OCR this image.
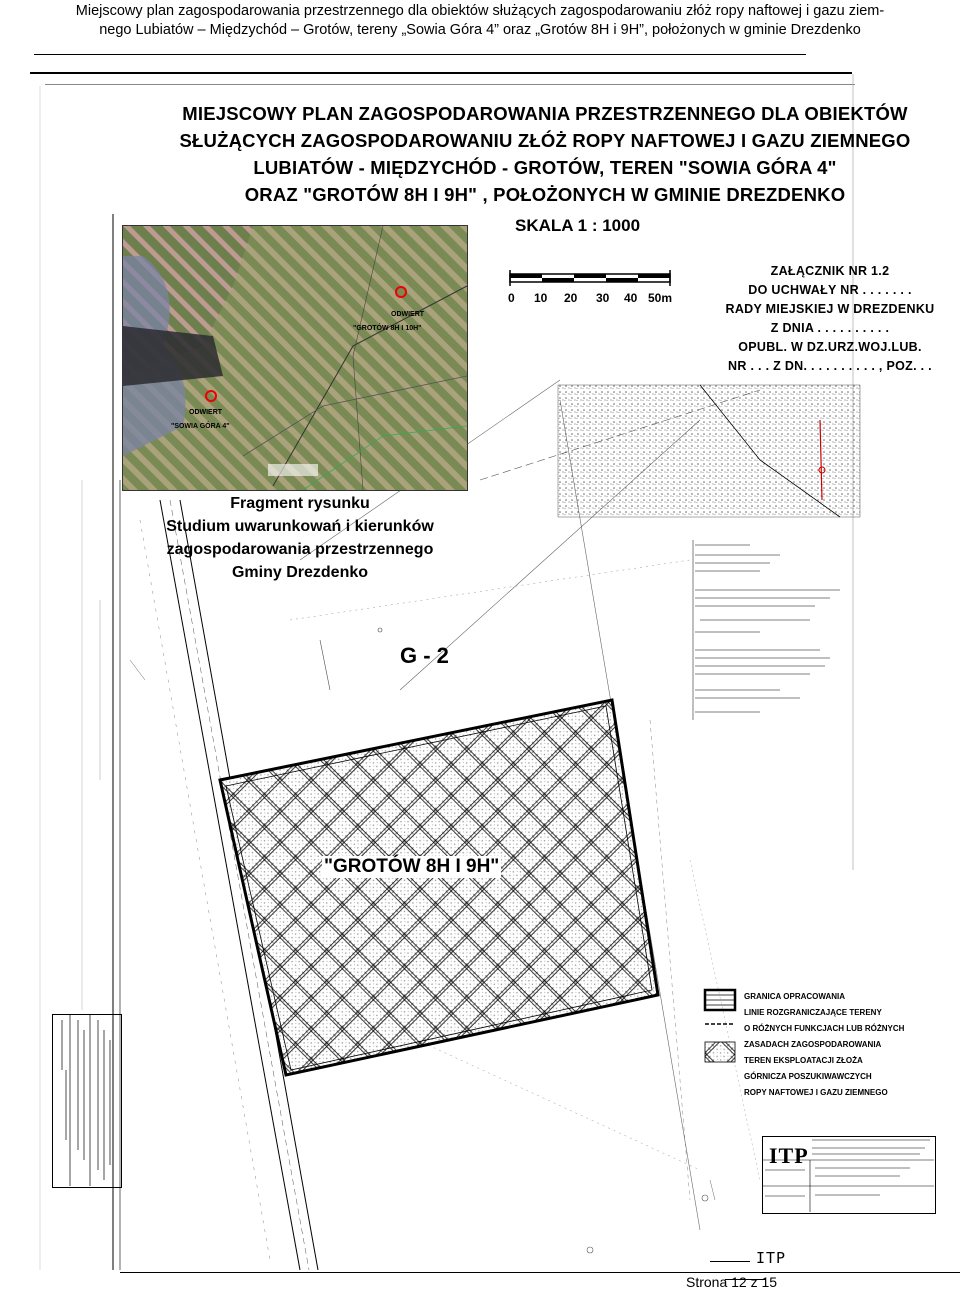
Miejscowy plan zagospodarowania przestrzennego dla obiektów służących zagospodarowaniu złóż ropy naftowej i gazu ziem-
nego Lubiatów – Międzychód – Grotów, tereny „Sowia Góra 4” oraz „Grotów 8H i 9H”, położonych w gminie Drezdenko
MIEJSCOWY PLAN ZAGOSPODAROWANIA PRZESTRZENNEGO DLA OBIEKTÓW
SŁUŻĄCYCH ZAGOSPODAROWANIU ZŁÓŻ ROPY NAFTOWEJ I GAZU ZIEMNEGO
LUBIATÓW - MIĘDZYCHÓD - GROTÓW, TEREN "SOWIA GÓRA 4"
ORAZ "GROTÓW 8H I 9H" , POŁOŻONYCH W GMINIE DREZDENKO
SKALA 1 : 1000
ODWIERT
"GROTÓW 8H I 10H"
ODWIERT
"SOWIA GÓRA 4"
Fragment rysunku
Studium uwarunkowań i kierunków
zagospodarowania przestrzennego
Gminy Drezdenko
0 10 20 30 40 50m
ZAŁĄCZNIK NR 1.2
DO UCHWAŁY NR . . . . . . .
RADY MIEJSKIEJ W DREZDENKU
Z DNIA . . . . . . . . . .
OPUBL. W DZ.URZ.WOJ.LUB.
NR . . . Z DN. . . . . . . . . . , POZ. . .
G - 2
"GROTÓW 8H I 9H"
GRANICA OPRACOWANIA
LINIE ROZGRANICZAJĄCE TERENY
O RÓŻNYCH FUNKCJACH LUB RÓŻNYCH
ZASADACH ZAGOSPODAROWANIA
TEREN EKSPLOATACJI ZŁOŻA
GÓRNICZA POSZUKIWAWCZYCH
ROPY NAFTOWEJ I GAZU ZIEMNEGO
ITP
ITP
Strona 12 z 15
